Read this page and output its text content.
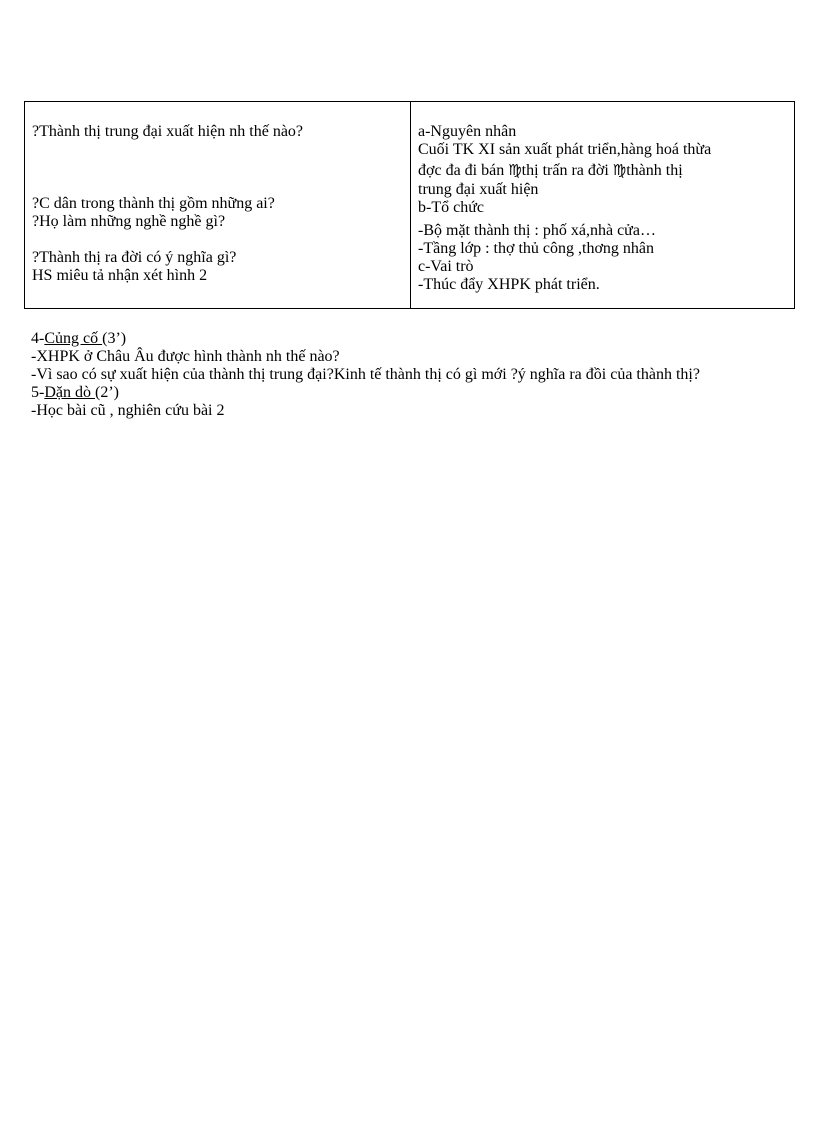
?Thành thị trung đại xuất hiện nh thế nào?
?C dân trong thành thị gồm những ai?
?Họ làm những nghề nghề gì?
?Thành thị ra đời có ý nghĩa gì?
HS miêu tả nhận xét hình 2
a-Nguyên nhân
Cuối TK XI sản xuất phát triển,hàng hoá thừa
đợc đa đi bán ♍thị trấn ra đời ♍thành thị
trung đại xuất hiện
b-Tổ chức
-Bộ mặt thành thị : phố xá,nhà cửa…
-Tầng lớp : thợ thủ công ,thơng nhân
c-Vai trò
-Thúc đẩy XHPK phát triển.
4-Củng cố (3’)
-XHPK ở Châu Âu được hình thành nh thế nào?
-Vì sao có sự xuất hiện của thành thị trung đại?Kinh tế thành thị có gì mới ?ý nghĩa ra đồi của thành thị?
5-Dặn dò (2’)
-Học bài cũ , nghiên cứu bài 2
